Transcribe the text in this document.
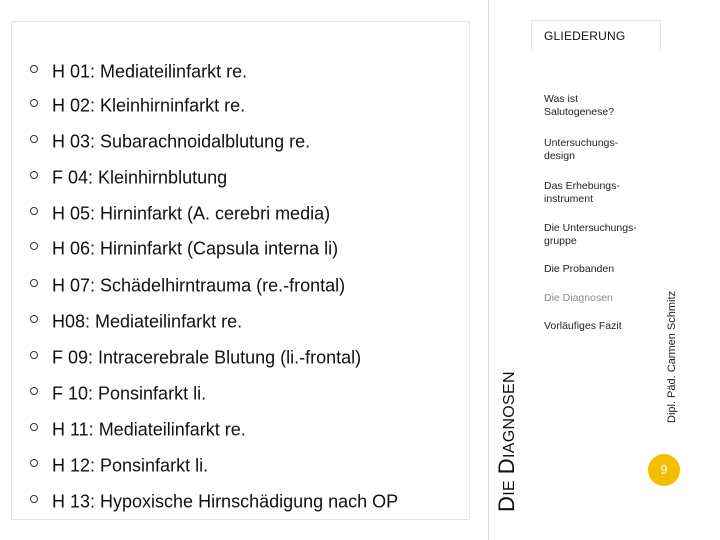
H 01: Mediateilinfarkt re.
H 02: Kleinhirninfarkt re.
H 03: Subarachnoidalblutung re.
F 04: Kleinhirnblutung
H 05: Hirninfarkt (A. cerebri media)
H 06: Hirninfarkt (Capsula interna li)
H 07: Schädelhirntrauma (re.-frontal)
H08: Mediateilinfarkt re.
F 09: Intracerebrale Blutung (li.-frontal)
F 10: Ponsinfarkt li.
H 11: Mediateilinfarkt re.
H 12: Ponsinfarkt li.
H 13: Hypoxische Hirnschädigung nach OP
GLIEDERUNG
Was ist
Salutogenese?
Untersuchungs-
design
Das Erhebungs-
instrument
Die Untersuchungs-
gruppe
Die Probanden
Die Diagnosen
Vorläufiges Fazit
DIE DIAGNOSEN	Dipl. Päd. Carmen Schmitz
9
